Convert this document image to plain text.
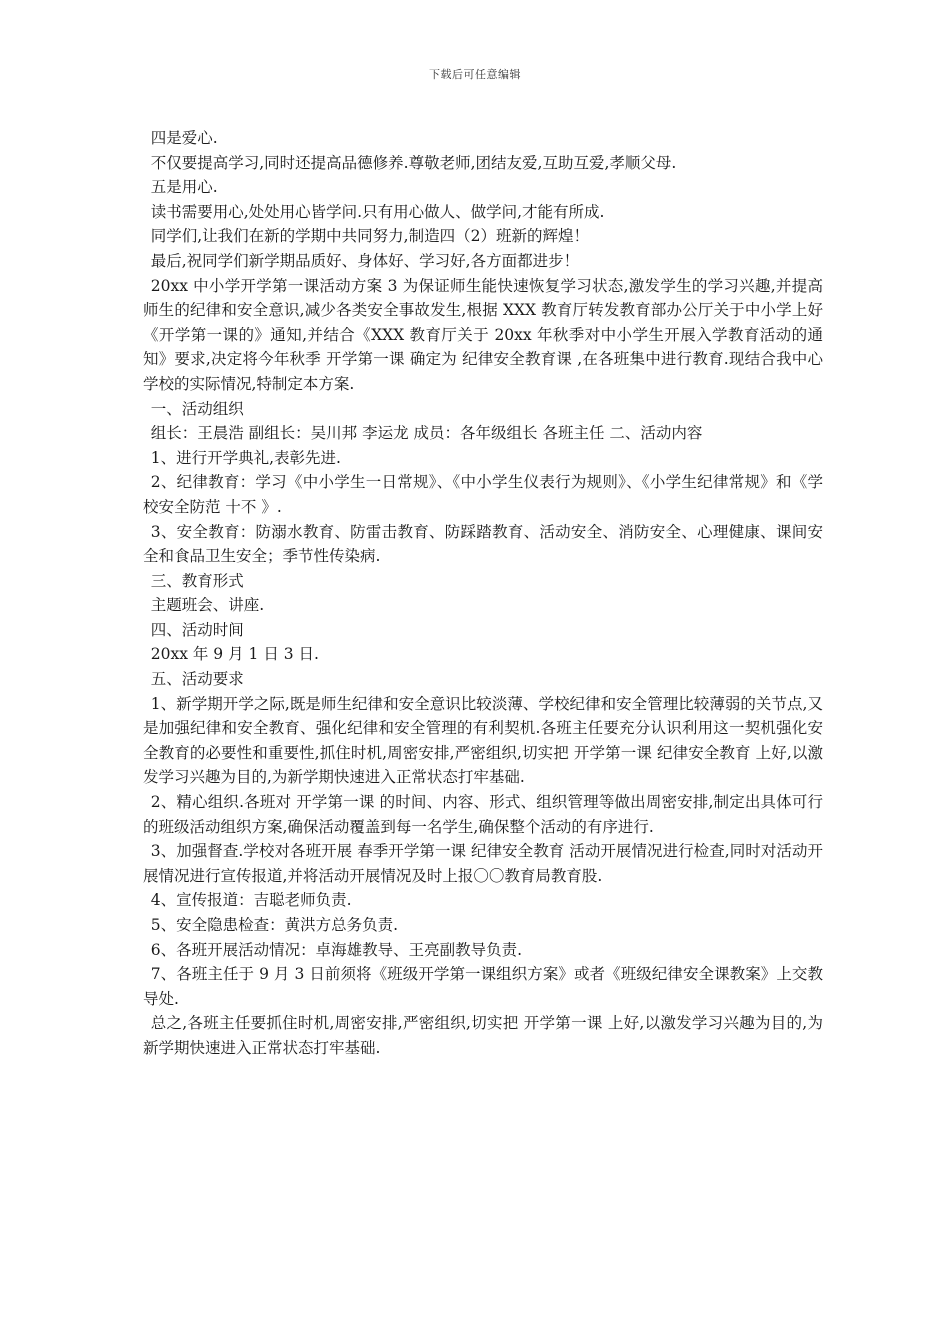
下载后可任意编辑

四是爱心.

不仅要提高学习,同时还提高品德修养.尊敬老师,团结友爱,互助互爱,孝顺父母.

五是用心.

读书需要用心,处处用心皆学问.只有用心做人、做学问,才能有所成.

同学们,让我们在新的学期中共同努力,制造四（2）班新的辉煌！

最后,祝同学们新学期品质好、身体好、学习好,各方面都进步！

20xx 中小学开学第一课活动方案 3 为保证师生能快速恢复学习状态,激发学生的学习兴趣,并提高师生的纪律和安全意识,减少各类安全事故发生,根据 XXX 教育厅转发教育部办公厅关于中小学上好《开学第一课的》通知,并结合《XXX 教育厅关于 20xx 年秋季对中小学生开展入学教育活动的通知》要求,决定将今年秋季 开学第一课 确定为 纪律安全教育课 ,在各班集中进行教育.现结合我中心学校的实际情况,特制定本方案.

一、活动组织

组长：王晨浩 副组长：吴川邦 李运龙 成员：各年级组长 各班主任 二、活动内容

1、进行开学典礼,表彰先进.

2、纪律教育：学习《中小学生一日常规》、《中小学生仪表行为规则》、《小学生纪律常规》和《学校安全防范 十不 》.

3、安全教育：防溺水教育、防雷击教育、防踩踏教育、活动安全、消防安全、心理健康、课间安全和食品卫生安全；季节性传染病.

三、教育形式

主题班会、讲座.

四、活动时间

20xx 年 9 月 1 日 3 日.

五、活动要求

1、新学期开学之际,既是师生纪律和安全意识比较淡薄、学校纪律和安全管理比较薄弱的关节点,又是加强纪律和安全教育、强化纪律和安全管理的有利契机.各班主任要充分认识利用这一契机强化安全教育的必要性和重要性,抓住时机,周密安排,严密组织,切实把 开学第一课 纪律安全教育 上好,以激发学习兴趣为目的,为新学期快速进入正常状态打牢基础.

2、精心组织.各班对 开学第一课 的时间、内容、形式、组织管理等做出周密安排,制定出具体可行的班级活动组织方案,确保活动覆盖到每一名学生,确保整个活动的有序进行.

3、加强督查.学校对各班开展 春季开学第一课 纪律安全教育 活动开展情况进行检查,同时对活动开展情况进行宣传报道,并将活动开展情况及时上报〇〇教育局教育股.

4、宣传报道：吉聪老师负责.

5、安全隐患检查：黄洪方总务负责.

6、各班开展活动情况：卓海雄教导、王亮副教导负责.

7、各班主任于 9 月 3 日前须将《班级开学第一课组织方案》或者《班级纪律安全课教案》上交教导处.

总之,各班主任要抓住时机,周密安排,严密组织,切实把 开学第一课 上好,以激发学习兴趣为目的,为新学期快速进入正常状态打牢基础.
